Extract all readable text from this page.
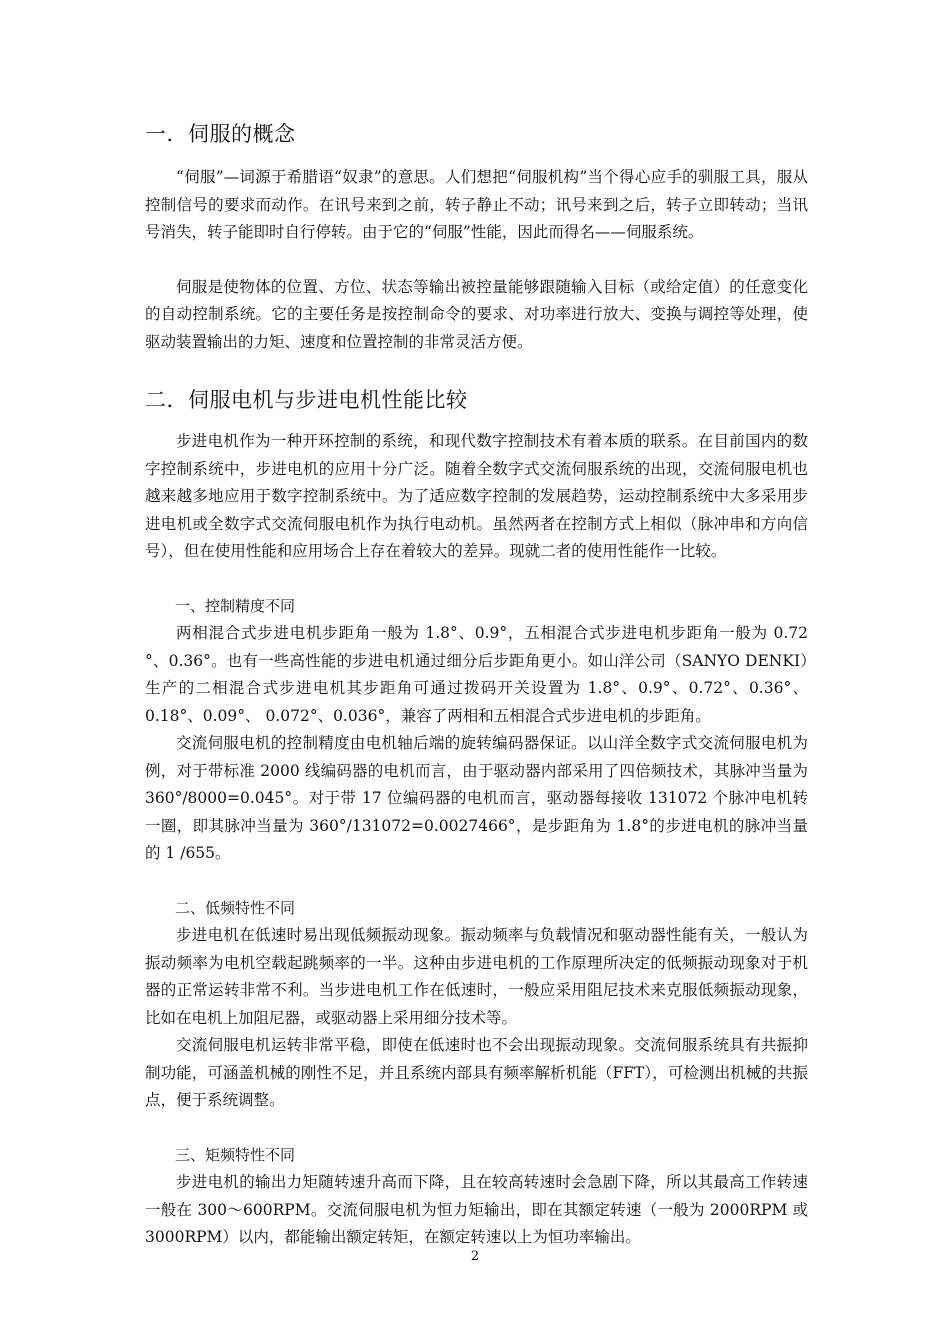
一．伺服的概念

“伺服”—词源于希腊语“奴隶”的意思。人们想把“伺服机构”当个得心应手的驯服工具，服从控制信号的要求而动作。在讯号来到之前，转子静止不动；讯号来到之后，转子立即转动；当讯号消失，转子能即时自行停转。由于它的“伺服”性能，因此而得名——伺服系统。

伺服是使物体的位置、方位、状态等输出被控量能够跟随输入目标（或给定值）的任意变化的自动控制系统。它的主要任务是按控制命令的要求、对功率进行放大、变换与调控等处理，使驱动装置输出的力矩、速度和位置控制的非常灵活方便。

二．伺服电机与步进电机性能比较

步进电机作为一种开环控制的系统，和现代数字控制技术有着本质的联系。在目前国内的数字控制系统中，步进电机的应用十分广泛。随着全数字式交流伺服系统的出现，交流伺服电机也越来越多地应用于数字控制系统中。为了适应数字控制的发展趋势，运动控制系统中大多采用步进电机或全数字式交流伺服电机作为执行电动机。虽然两者在控制方式上相似（脉冲串和方向信号），但在使用性能和应用场合上存在着较大的差异。现就二者的使用性能作一比较。

一、控制精度不同

两相混合式步进电机步距角一般为 1.8°、0.9°，五相混合式步进电机步距角一般为 0.72 °、0.36°。也有一些高性能的步进电机通过细分后步距角更小。如山洋公司（SANYO DENKI）生产的二相混合式步进电机其步距角可通过拨码开关设置为 1.8°、0.9°、0.72°、0.36°、0.18°、0.09°、 0.072°、0.036°，兼容了两相和五相混合式步进电机的步距角。

交流伺服电机的控制精度由电机轴后端的旋转编码器保证。以山洋全数字式交流伺服电机为例，对于带标准 2000 线编码器的电机而言，由于驱动器内部采用了四倍频技术，其脉冲当量为 360°/8000=0.045°。对于带 17 位编码器的电机而言，驱动器每接收 131072 个脉冲电机转一圈，即其脉冲当量为 360°/131072=0.0027466°，是步距角为 1.8°的步进电机的脉冲当量的 1 /655。

二、低频特性不同

步进电机在低速时易出现低频振动现象。振动频率与负载情况和驱动器性能有关，一般认为振动频率为电机空载起跳频率的一半。这种由步进电机的工作原理所决定的低频振动现象对于机器的正常运转非常不利。当步进电机工作在低速时，一般应采用阻尼技术来克服低频振动现象，比如在电机上加阻尼器，或驱动器上采用细分技术等。

交流伺服电机运转非常平稳，即使在低速时也不会出现振动现象。交流伺服系统具有共振抑制功能，可涵盖机械的刚性不足，并且系统内部具有频率解析机能（FFT），可检测出机械的共振点，便于系统调整。

三、矩频特性不同

步进电机的输出力矩随转速升高而下降，且在较高转速时会急剧下降，所以其最高工作转速一般在 300～600RPM。交流伺服电机为恒力矩输出，即在其额定转速（一般为 2000RPM 或 3000RPM）以内，都能输出额定转矩，在额定转速以上为恒功率输出。

2
